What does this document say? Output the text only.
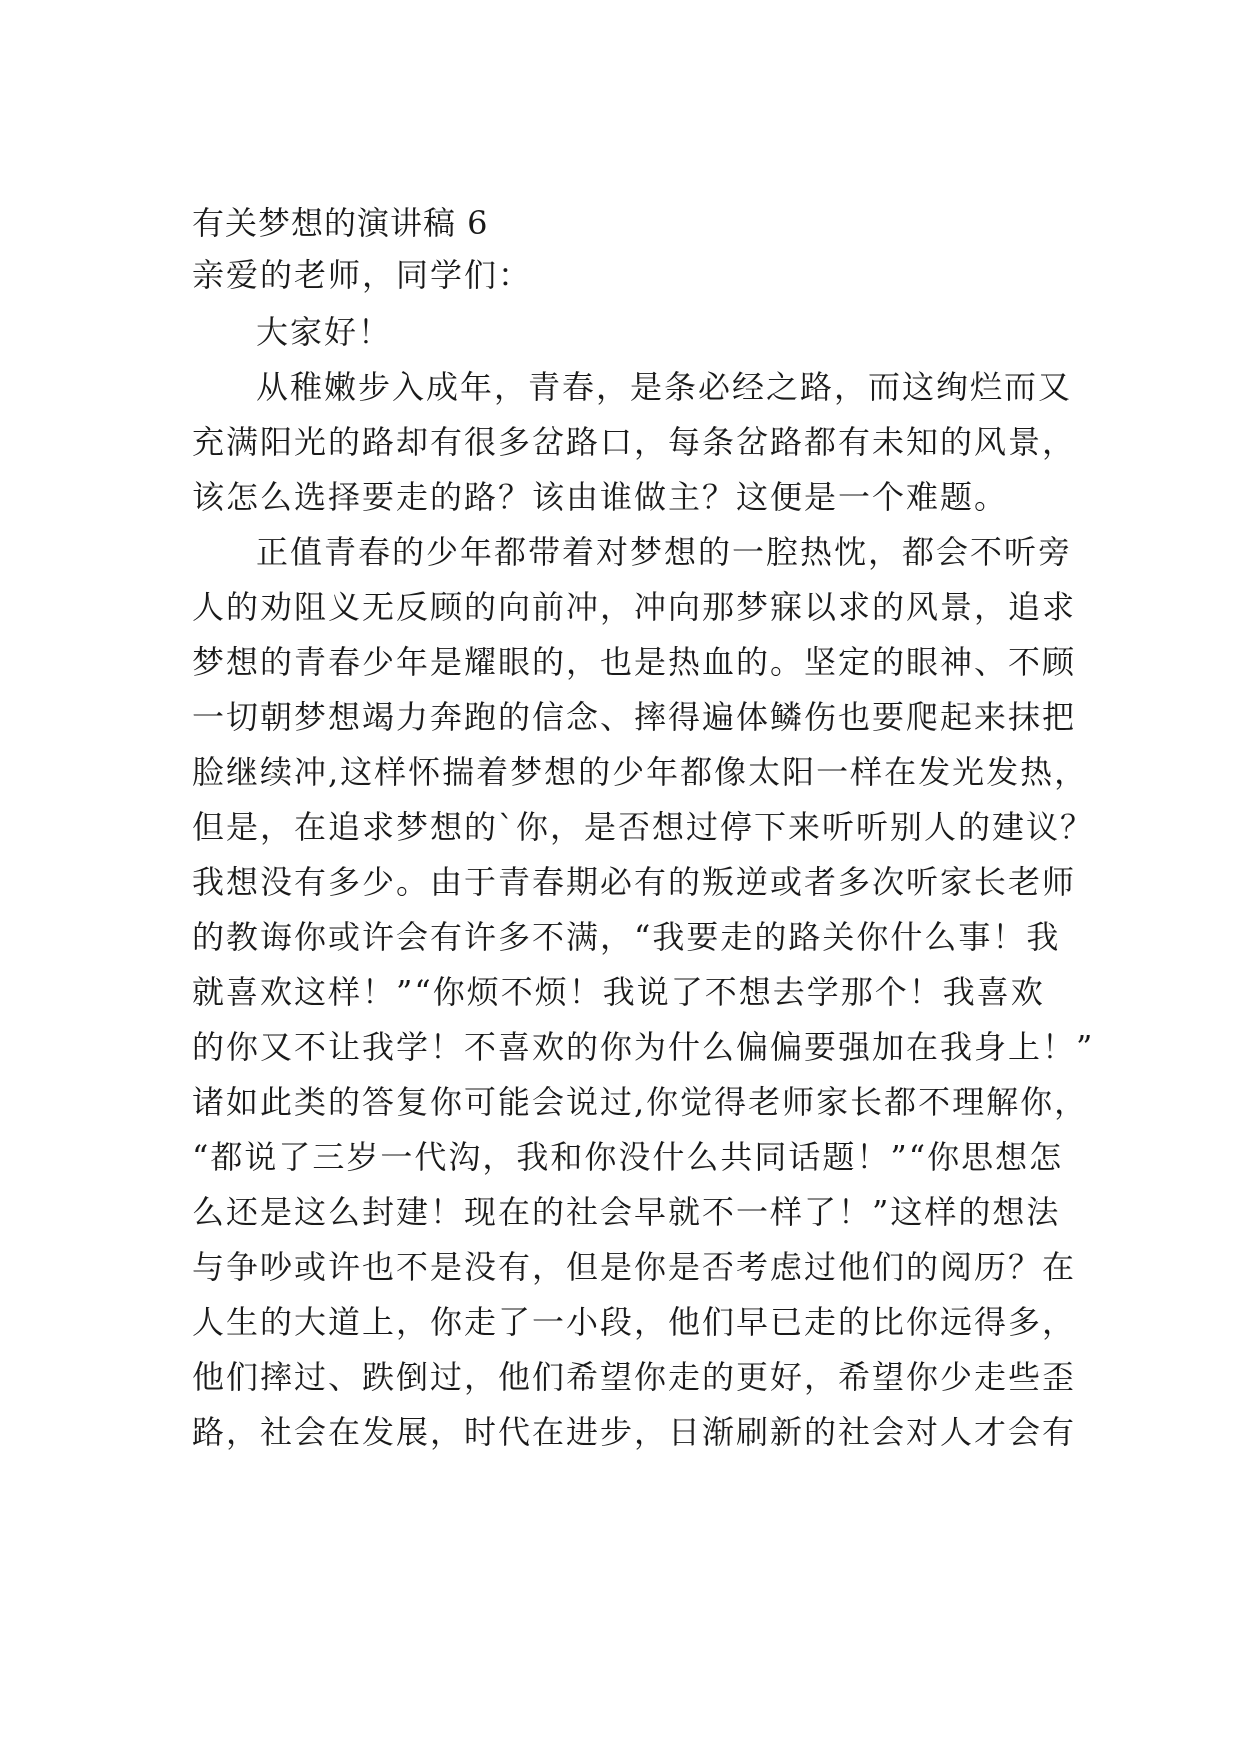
有关梦想的演讲稿 6
亲爱的老师，同学们：
大家好！
从稚嫩步入成年，青春，是条必经之路，而这绚烂而又
充满阳光的路却有很多岔路口，每条岔路都有未知的风景，
该怎么选择要走的路？该由谁做主？这便是一个难题。
正值青春的少年都带着对梦想的一腔热忱，都会不听旁
人的劝阻义无反顾的向前冲，冲向那梦寐以求的风景，追求
梦想的青春少年是耀眼的，也是热血的。坚定的眼神、不顾
一切朝梦想竭力奔跑的信念、摔得遍体鳞伤也要爬起来抹把
脸继续冲,这样怀揣着梦想的少年都像太阳一样在发光发热，
但是，在追求梦想的`你，是否想过停下来听听别人的建议？
我想没有多少。由于青春期必有的叛逆或者多次听家长老师
的教诲你或许会有许多不满，“我要走的路关你什么事！我
就喜欢这样！”“你烦不烦！我说了不想去学那个！我喜欢
的你又不让我学！不喜欢的你为什么偏偏要强加在我身上！”
诸如此类的答复你可能会说过,你觉得老师家长都不理解你，
“都说了三岁一代沟，我和你没什么共同话题！”“你思想怎
么还是这么封建！现在的社会早就不一样了！”这样的想法
与争吵或许也不是没有，但是你是否考虑过他们的阅历？在
人生的大道上，你走了一小段，他们早已走的比你远得多，
他们摔过、跌倒过，他们希望你走的更好，希望你少走些歪
路，社会在发展，时代在进步，日渐刷新的社会对人才会有
